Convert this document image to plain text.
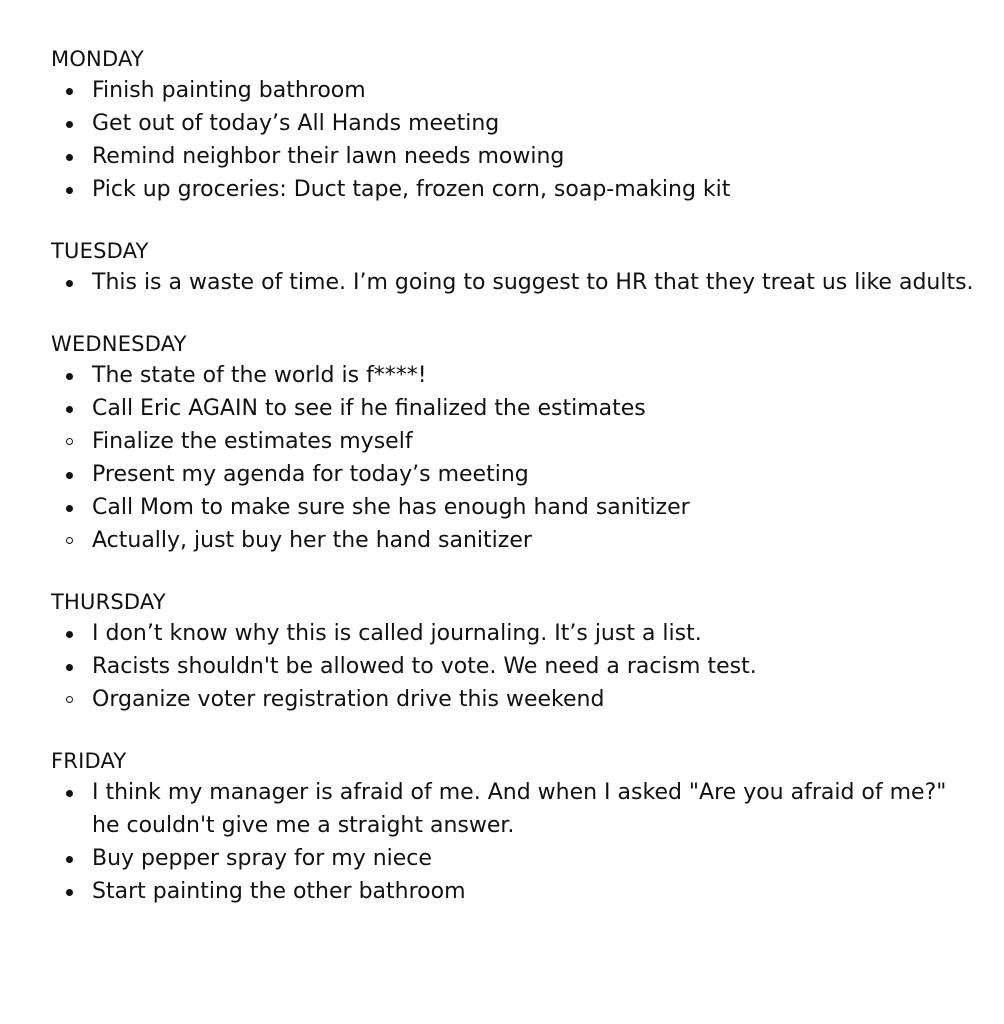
MONDAY
Finish painting bathroom
Get out of today’s All Hands meeting
Remind neighbor their lawn needs mowing
Pick up groceries: Duct tape, frozen corn, soap-making kit
TUESDAY
This is a waste of time. I’m going to suggest to HR that they treat us like adults.
WEDNESDAY
The state of the world is f****!
Call Eric AGAIN to see if he finalized the estimates
Finalize the estimates myself
Present my agenda for today’s meeting
Call Mom to make sure she has enough hand sanitizer
Actually, just buy her the hand sanitizer
THURSDAY
I don’t know why this is called journaling. It’s just a list.
Racists shouldn't be allowed to vote. We need a racism test.
Organize voter registration drive this weekend
FRIDAY
I think my manager is afraid of me. And when I asked "Are you afraid of me?" he couldn't give me a straight answer.
Buy pepper spray for my niece
Start painting the other bathroom
